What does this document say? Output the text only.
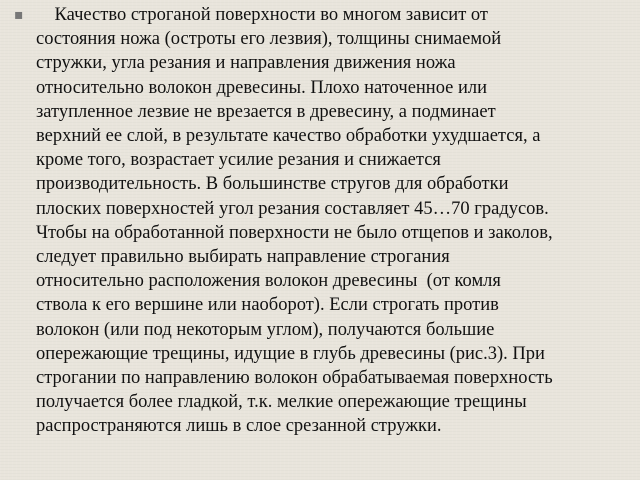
▪	Качество строганой поверхности во многом зависит от
состояния ножа (остроты его лезвия), толщины снимаемой
стружки, угла резания и направления движения ножа
относительно волокон древесины. Плохо наточенное или
затупленное лезвие не врезается в древесину, а подминает
верхний ее слой, в результате качество обработки ухудшается, а
кроме того, возрастает усилие резания и снижается
производительность. В большинстве стругов для обработки
плоских поверхностей угол резания составляет 45…70 градусов.
Чтобы на обработанной поверхности не было отщепов и заколов,
следует правильно выбирать направление строгания
относительно расположения волокон древесины  (от комля
ствола к его вершине или наоборот). Если строгать против
волокон (или под некоторым углом), получаются большие
опережающие трещины, идущие в глубь древесины (рис.3). При
строгании по направлению волокон обрабатываемая поверхность
получается более гладкой, т.к. мелкие опережающие трещины
распространяются лишь в слое срезанной стружки.
